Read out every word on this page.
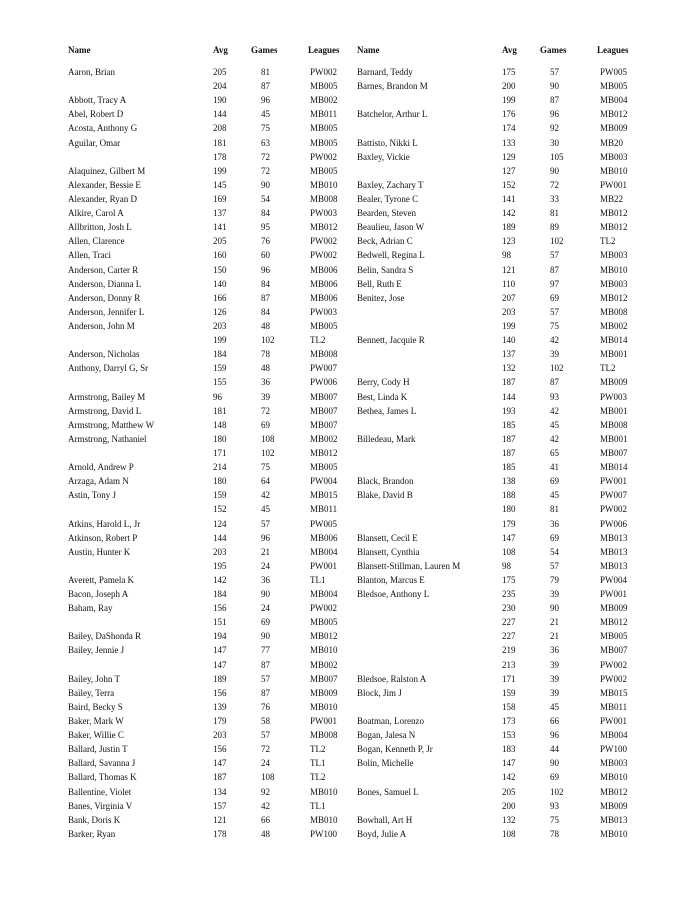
Name	Avg	Games	Leagues Name	Avg	Games	Leagues
Aaron, Brian	205	81	PW002 Barnard, Teddy	175	57	PW005
204	87	MB005 Barnes, Brandon M	200	90	MB005
Abbott, Tracy A	190	96	MB002	199	87	MB004
Abel, Robert D	144	45	MB011 Batchelor, Arthur L	176	96	MB012
Acosta, Anthony G	208	75	MB005	174	92	MB009
Aguilar, Omar	181	63	MB005 Battisto, Nikki L	133	30	MB20
178	72	PW002 Baxley, Vickie	129	105	MB003
Alaquinez, Gilbert M	199	72	MB005	127	90	MB010
Alexander, Bessie E	145	90	MB010 Baxley, Zachary T	152	72	PW001
Alexander, Ryan D	169	54	MB008 Bealer, Tyrone C	141	33	MB22
Alkire, Carol A	137	84	PW003 Bearden, Steven	142	81	MB012
Allbritton, Josh L	141	95	MB012 Beaulieu, Jason W	189	89	MB012
Allen, Clarence	205	76	PW002 Beck, Adrian C	123	102	TL2
Allen, Traci	160	60	PW002 Bedwell, Regina L	98	57	MB003
Anderson, Carter R	150	96	MB006 Belin, Sandra S	121	87	MB010
Anderson, Dianna L	140	84	MB006 Bell, Ruth E	110	97	MB003
Anderson, Donny R	166	87	MB006 Benitez, Jose	207	69	MB012
Anderson, Jennifer L	126	84	PW003	203	57	MB008
Anderson, John M	203	48	MB005	199	75	MB002
199	102	TL2	Bennett, Jacquie R	140	42	MB014
Anderson, Nicholas	184	78	MB008	137	39	MB001
Anthony, Darryl G, Sr	159	48	PW007	132	102	TL2
155	36	PW006 Berry, Cody H	187	87	MB009
Armstrong, Bailey M	96	39	MB007 Best, Linda K	144	93	PW003
Armstrong, David L	181	72	MB007 Bethea, James L	193	42	MB001
Armstrong, Matthew W	148	69	MB007	185	45	MB008
Armstrong, Nathaniel	180	108	MB002 Billedeau, Mark	187	42	MB001
171	102	MB012	187	65	MB007
Arnold, Andrew P	214	75	MB005	185	41	MB014
Arzaga, Adam N	180	64	PW004 Black, Brandon	138	69	PW001
Astin, Tony J	159	42	MB015 Blake, David B	188	45	PW007
152	45	MB011	180	81	PW002
Atkins, Harold L, Jr	124	57	PW005	179	36	PW006
Atkinson, Robert P	144	96	MB006 Blansett, Cecil E	147	69	MB013
Austin, Hunter K	203	21	MB004 Blansett, Cynthia	108	54	MB013
195	24	PW001 Blansett-Stillman, Lauren M	98	57	MB013
Averett, Pamela K	142	36	TL1	Blanton, Marcus E	175	79	PW004
Bacon, Joseph A	184	90	MB004 Bledsoe, Anthony L	235	39	PW001
Baham, Ray	156	24	PW002	230	90	MB009
151	69	MB005	227	21	MB012
Bailey, DaShonda R	194	90	MB012	227	21	MB005
Bailey, Jennie J	147	77	MB010	219	36	MB007
147	87	MB002	213	39	PW002
Bailey, John T	189	57	MB007 Bledsoe, Ralston A	171	39	PW002
Bailey, Terra	156	87	MB009 Block, Jim J	159	39	MB015
Baird, Becky S	139	76	MB010	158	45	MB011
Baker, Mark W	179	58	PW001 Boatman, Lorenzo	173	66	PW001
Baker, Willie C	203	57	MB008 Bogan, Jalesa N	153	96	MB004
Ballard, Justin T	156	72	TL2	Bogan, Kenneth P, Jr	183	44	PW100
Ballard, Savanna J	147	24	TL1	Bolin, Michelle	147	90	MB003
Ballard, Thomas K	187	108	TL2	142	69	MB010
Ballentine, Violet	134	92	MB010 Bones, Samuel L	205	102	MB012
Banes, Virginia V	157	42	TL1	200	93	MB009
Bank, Doris K	121	66	MB010 Bowhall, Art H	132	75	MB013
Barker, Ryan	178	48	PW100 Boyd, Julie A	108	78	MB010
